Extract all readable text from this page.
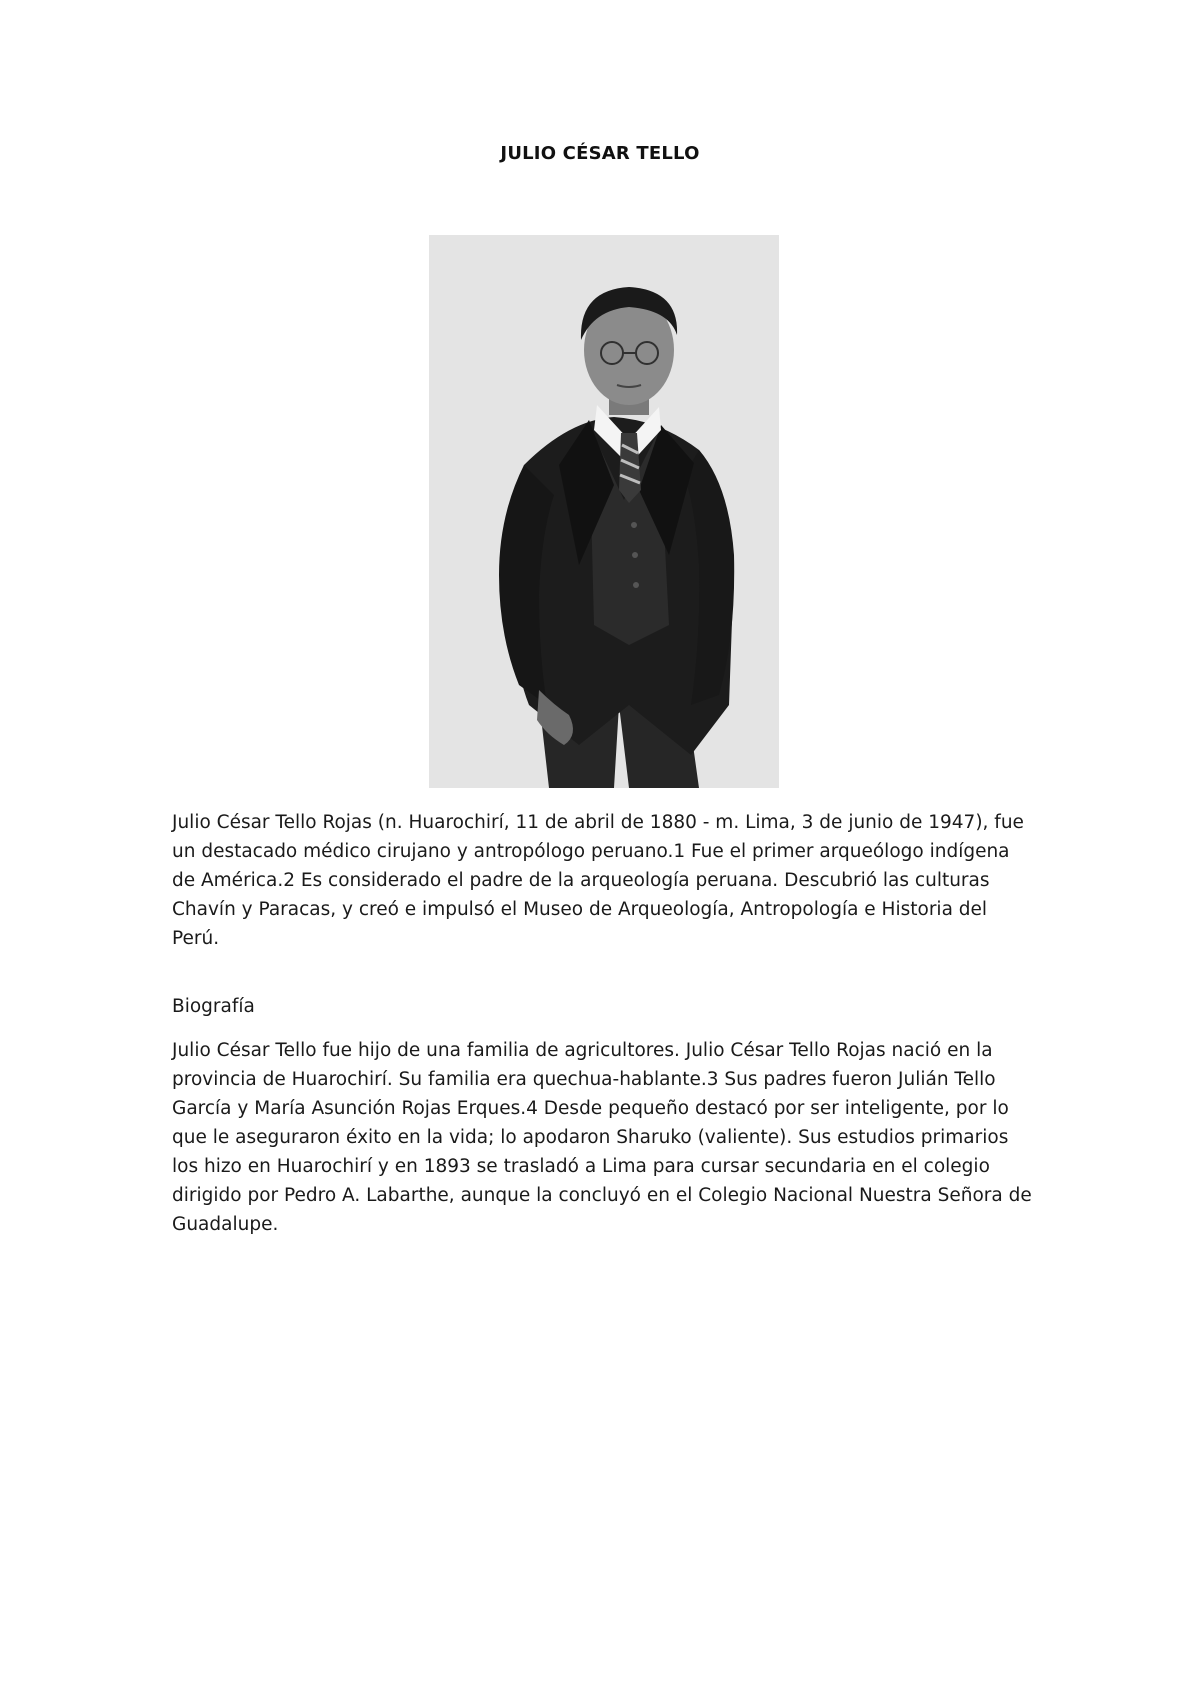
JULIO CÉSAR TELLO

Julio César Tello Rojas (n. Huarochirí, 11 de abril de 1880 - m. Lima, 3 de junio de 1947), fue un destacado médico cirujano y antropólogo peruano.1 Fue el primer arqueólogo indígena de América.2 Es considerado el padre de la arqueología peruana. Descubrió las culturas Chavín y Paracas, y creó e impulsó el Museo de Arqueología, Antropología e Historia del Perú.

Biografía

Julio César Tello fue hijo de una familia de agricultores. Julio César Tello Rojas nació en la provincia de Huarochirí. Su familia era quechua-hablante.3 Sus padres fueron Julián Tello García y María Asunción Rojas Erques.4 Desde pequeño destacó por ser inteligente, por lo que le aseguraron éxito en la vida; lo apodaron Sharuko (valiente). Sus estudios primarios los hizo en Huarochirí y en 1893 se trasladó a Lima para cursar secundaria en el colegio dirigido por Pedro A. Labarthe, aunque la concluyó en el Colegio Nacional Nuestra Señora de Guadalupe.
